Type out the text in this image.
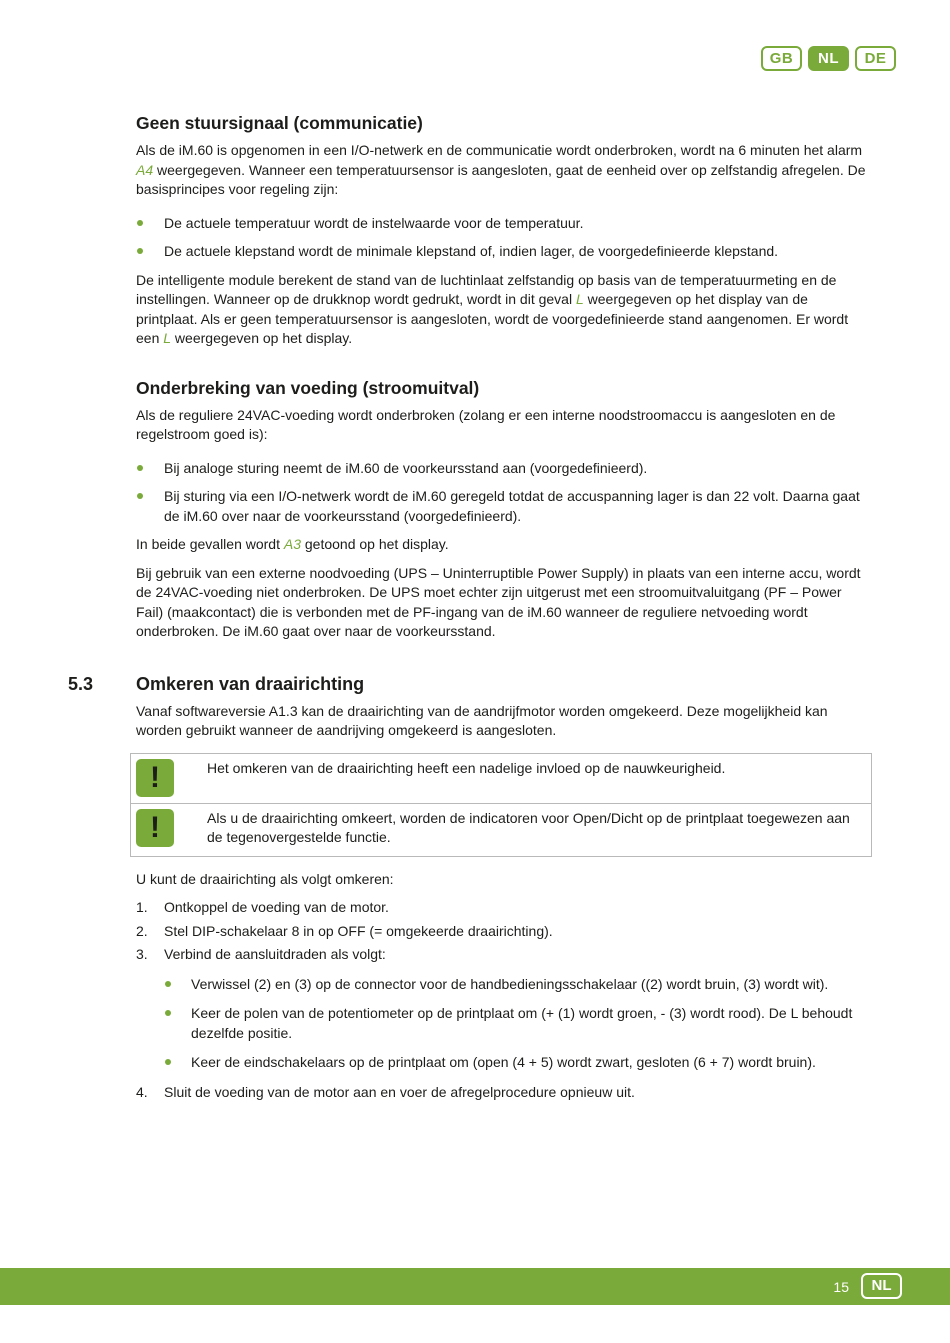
GB	NL	DE
Geen stuursignaal (communicatie)

Als de iM.60 is opgenomen in een I/O-netwerk en de communicatie wordt onderbroken, wordt na 6 minuten het alarm A4 weergegeven. Wanneer een temperatuursensor is aangesloten, gaat de eenheid over op zelfstandig afregelen. De basisprincipes voor regeling zijn:

De actuele temperatuur wordt de instelwaarde voor de temperatuur.
De actuele klepstand wordt de minimale klepstand of, indien lager, de voorgedefinieerde klepstand.

De intelligente module berekent de stand van de luchtinlaat zelfstandig op basis van de temperatuurmeting en de instellingen. Wanneer op de drukknop wordt gedrukt, wordt in dit geval L weergegeven op het display van de printplaat. Als er geen temperatuursensor is aangesloten, wordt de voorgedefinieerde stand aangenomen. Er wordt een L weergegeven op het display.

Onderbreking van voeding (stroomuitval)

Als de reguliere 24VAC-voeding wordt onderbroken (zolang er een interne noodstroomaccu is aangesloten en de regelstroom goed is):

Bij analoge sturing neemt de iM.60 de voorkeursstand aan (voorgedefinieerd).
Bij sturing via een I/O-netwerk wordt de iM.60 geregeld totdat de accuspanning lager is dan 22 volt. Daarna gaat de iM.60 over naar de voorkeursstand (voorgedefinieerd).

In beide gevallen wordt A3 getoond op het display.

Bij gebruik van een externe noodvoeding (UPS – Uninterruptible Power Supply) in plaats van een interne accu, wordt de 24VAC-voeding niet onderbroken. De UPS moet echter zijn uitgerust met een stroomuitvaluitgang (PF – Power Fail) (maakcontact) die is verbonden met de PF-ingang van de iM.60 wanneer de reguliere netvoeding wordt onderbroken. De iM.60 gaat over naar de voorkeursstand.

5.3 Omkeren van draairichting

Vanaf softwareversie A1.3 kan de draairichting van de aandrijfmotor worden omgekeerd. Deze mogelijkheid kan worden gebruikt wanneer de aandrijving omgekeerd is aangesloten.

!	Het omkeren van de draairichting heeft een nadelige invloed op de nauwkeurigheid.

!	Als u de draairichting omkeert, worden de indicatoren voor Open/Dicht op de printplaat toegewezen aan de tegenovergestelde functie.

U kunt de draairichting als volgt omkeren:

1. Ontkoppel de voeding van de motor.
2. Stel DIP-schakelaar 8 in op OFF (= omgekeerde draairichting).
3. Verbind de aansluitdraden als volgt:
Verwissel (2) en (3) op de connector voor de handbedieningsschakelaar ((2) wordt bruin, (3) wordt wit).
Keer de polen van de potentiometer op de printplaat om (+ (1) wordt groen, - (3) wordt rood). De L behoudt dezelfde positie.
Keer de eindschakelaars op de printplaat om (open (4 + 5) wordt zwart, gesloten (6 + 7) wordt bruin).
4. Sluit de voeding van de motor aan en voer de afregelprocedure opnieuw uit.
15	NL
